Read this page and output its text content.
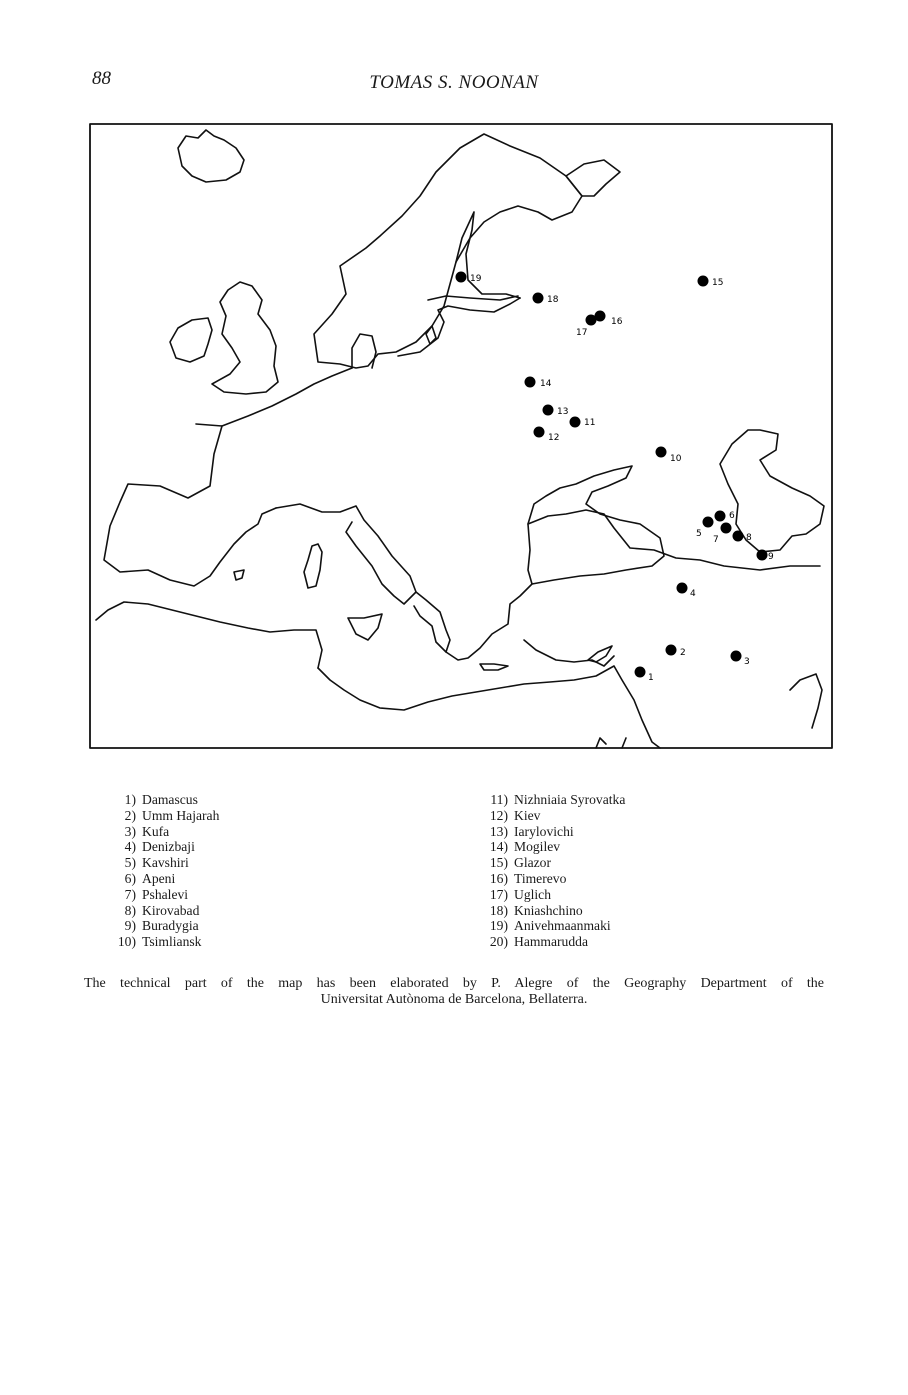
88	TOMAS S. NOONAN
1
2
3
4
5
6
7	8
9
10
11
12
13
14
15
16
17
18
19
1) Damascus
2) Umm Hajarah
3) Kufa
4) Denizbaji
5) Kavshiri
6) Apeni
7) Pshalevi
8) Kirovabad
9) Buradygia
10) Tsimliansk
11) Nizhniaia Syrovatka
12) Kiev
13) Iarylovichi
14) Mogilev
15) Glazor
16) Timerevo
17) Uglich
18) Kniashchino
19) Anivehmaanmaki
20) Hammarudda
The technical part of the map has been elaborated by P. Alegre of the Geography Department of the
Universitat Autònoma de Barcelona, Bellaterra.
